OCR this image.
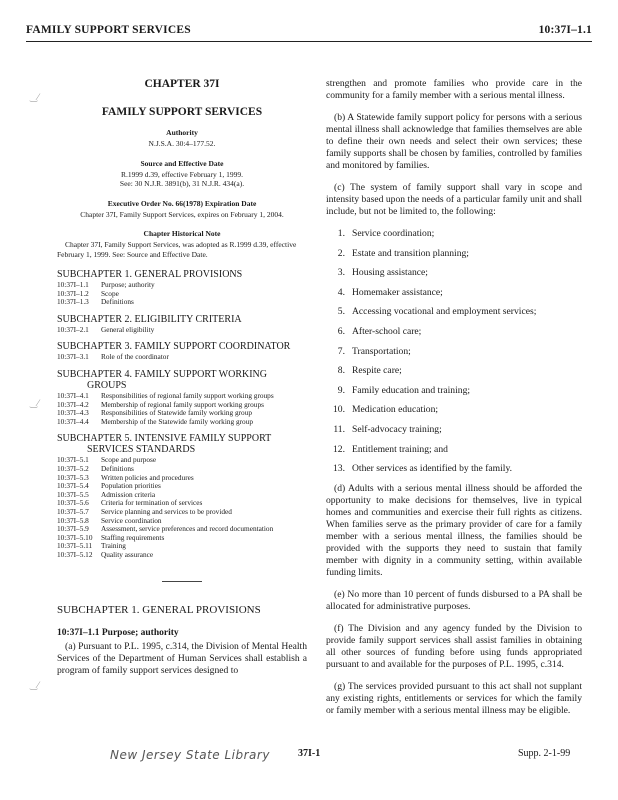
FAMILY SUPPORT SERVICES	10:37I–1.1
‿⁄
‿⁄
‿⁄

CHAPTER 37I

FAMILY SUPPORT SERVICES

Authority

N.J.S.A. 30:4–177.52.

Source and Effective Date

R.1999 d.39, effective February 1, 1999.

See: 30 N.J.R. 3891(b), 31 N.J.R. 434(a).

Executive Order No. 66(1978) Expiration Date

Chapter 37I, Family Support Services, expires on February 1, 2004.

Chapter Historical Note

Chapter 37I, Family Support Services, was adopted as R.1999 d.39, effective February 1, 1999. See: Source and Effective Date.

SUBCHAPTER 1. GENERAL PROVISIONS

10:37I–1.1	Purpose; authority
10:37I–1.2	Scope
10:37I–1.3	Definitions

SUBCHAPTER 2. ELIGIBILITY CRITERIA

10:37I–2.1	General eligibility

SUBCHAPTER 3. FAMILY SUPPORT COORDINATOR

10:37I–3.1	Role of the coordinator

SUBCHAPTER 4. FAMILY SUPPORT WORKING

GROUPS

10:37I–4.1	Responsibilities of regional family support working groups
10:37I–4.2	Membership of regional family support working groups
10:37I–4.3	Responsibilities of Statewide family working group
10:37I–4.4	Membership of the Statewide family working group

SUBCHAPTER 5. INTENSIVE FAMILY SUPPORT

SERVICES STANDARDS

10:37I–5.1	Scope and purpose
10:37I–5.2	Definitions
10:37I–5.3	Written policies and procedures
10:37I–5.4	Population priorities
10:37I–5.5	Admission criteria
10:37I–5.6	Criteria for termination of services
10:37I–5.7	Service planning and services to be provided
10:37I–5.8	Service coordination
10:37I–5.9	Assessment, service preferences and record documentation
10:37I–5.10	Staffing requirements
10:37I–5.11	Training
10:37I–5.12	Quality assurance

SUBCHAPTER 1. GENERAL PROVISIONS

10:37I–1.1 Purpose; authority

(a) Pursuant to P.L. 1995, c.314, the Division of Mental Health Services of the Department of Human Services shall establish a program of family support services designed to

strengthen and promote families who provide care in the community for a family member with a serious mental illness.

(b) A Statewide family support policy for persons with a serious mental illness shall acknowledge that families themselves are able to define their own needs and select their own services; these family supports shall be chosen by families, controlled by families and monitored by families.

(c) The system of family support shall vary in scope and intensity based upon the needs of a particular family unit and shall include, but not be limited to, the following:

1. Service coordination;
2. Estate and transition planning;
3. Housing assistance;
4. Homemaker assistance;
5. Accessing vocational and employment services;
6. After-school care;
7. Transportation;
8. Respite care;
9. Family education and training;
10. Medication education;
11. Self-advocacy training;
12. Entitlement training; and
13. Other services as identified by the family.

(d) Adults with a serious mental illness should be afforded the opportunity to make decisions for themselves, live in typical homes and communities and exercise their full rights as citizens. When families serve as the primary provider of care for a family member with a serious mental illness, the families should be provided with the supports they need to sustain that family member with dignity in a community setting, within available funding limits.

(e) No more than 10 percent of funds disbursed to a PA shall be allocated for administrative purposes.

(f) The Division and any agency funded by the Division to provide family support services shall assist families in obtaining all other sources of funding before using funds appropriated pursuant to and available for the purposes of P.L. 1995, c.314.

(g) The services provided pursuant to this act shall not supplant any existing rights, entitlements or services for which the family or family member with a serious mental illness may be eligible.

New Jersey State Library	37I-1	Supp. 2-1-99
